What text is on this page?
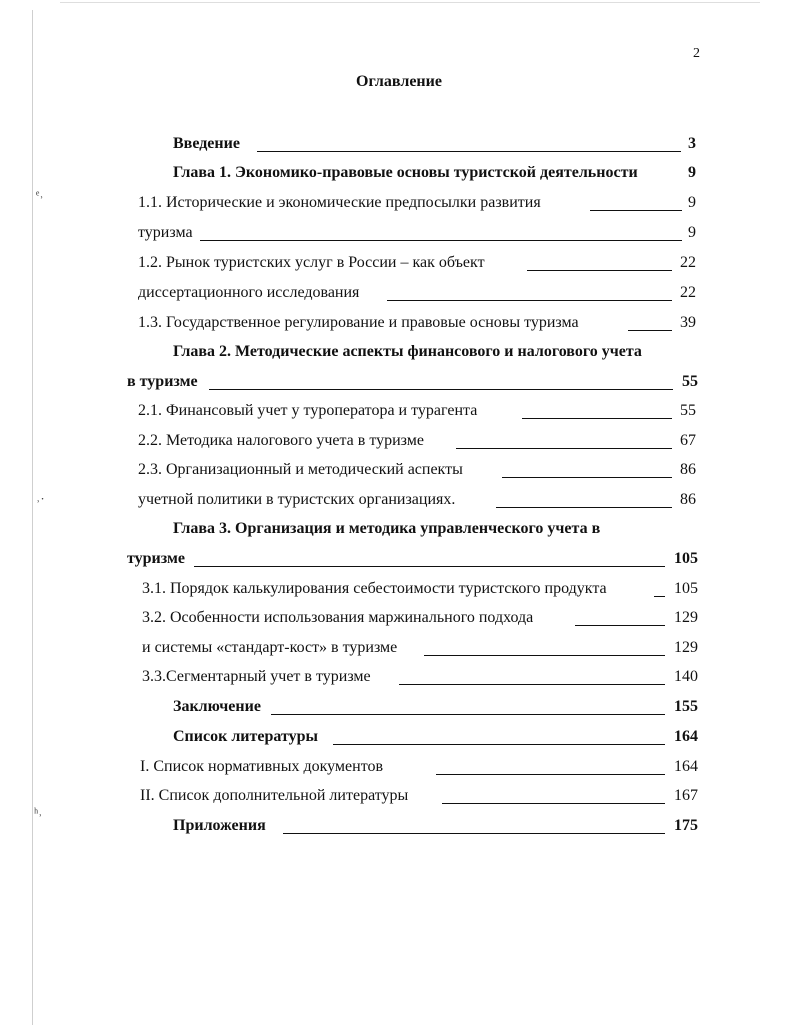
ᵉ˒
˒·
ʰ˒
2
Оглавление
Введение	3
Глава 1. Экономико-правовые основы туристской деятельности	9
1.1. Исторические и экономические предпосылки развития	9
туризма	9
1.2. Рынок туристских услуг в России – как объект	22
диссертационного исследования	22
1.3. Государственное регулирование и правовые основы туризма	39
Глава 2. Методические аспекты финансового и налогового учета
в туризме	55
2.1. Финансовый учет у туроператора и турагента	55
2.2. Методика налогового учета в туризме	67
2.3. Организационный и методический аспекты	86
учетной политики в туристских организациях.	86
Глава 3. Организация и методика управленческого учета в
туризме	105
3.1. Порядок калькулирования себестоимости туристского продукта	105
3.2. Особенности использования маржинального подхода	129
и системы «стандарт-кост» в туризме	129
3.3.Сегментарный учет в туризме	140
Заключение	155
Список литературы	164
I. Список нормативных документов	164
II. Список дополнительной литературы	167
Приложения	175
